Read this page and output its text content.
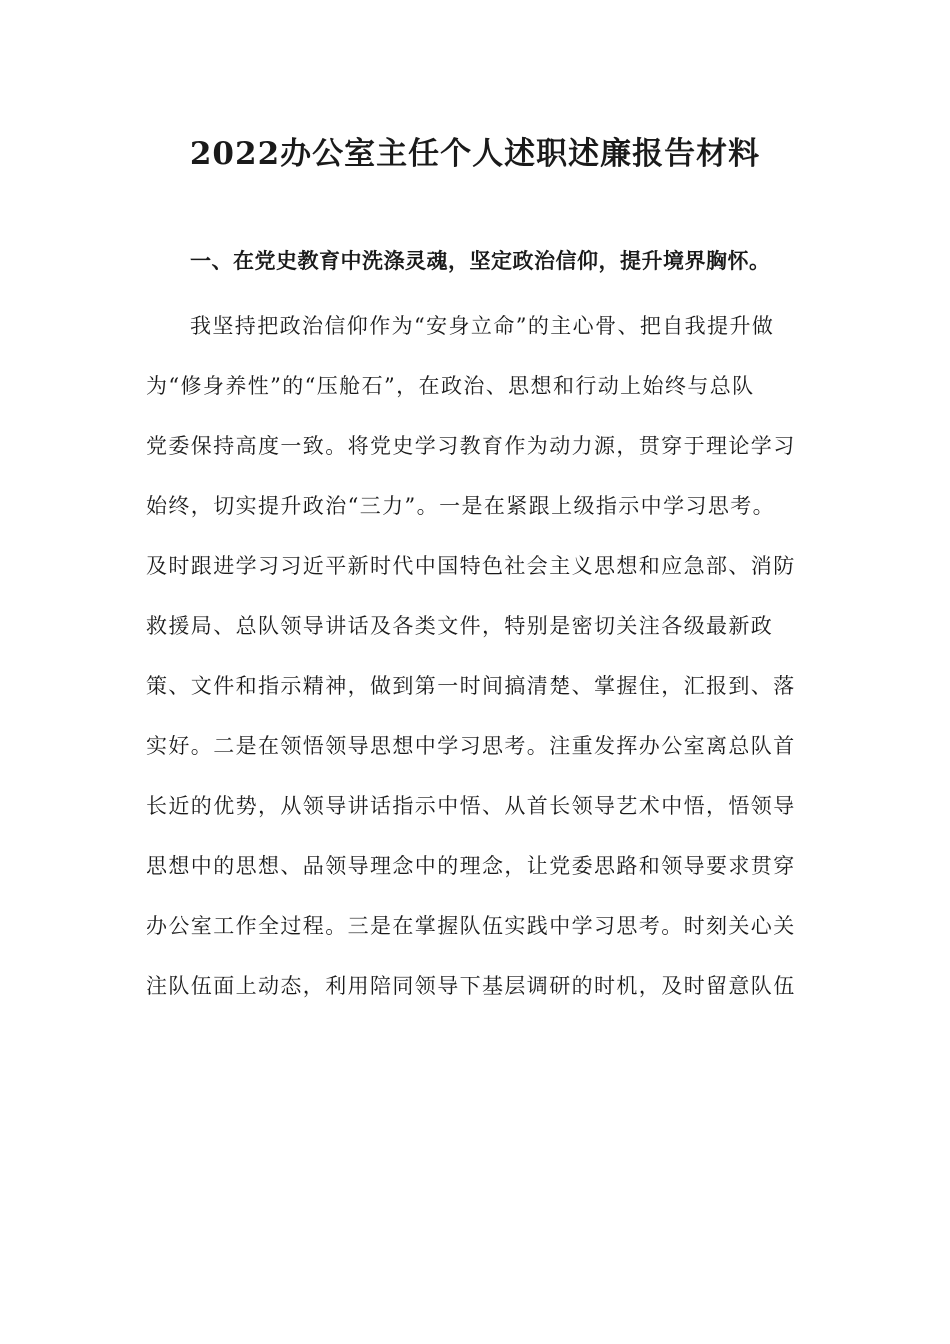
2022办公室主任个人述职述廉报告材料
一、在党史教育中洗涤灵魂，坚定政治信仰，提升境界胸怀。
我坚持把政治信仰作为“安身立命”的主心骨、把自我提升做
为“修身养性”的“压舱石”，在政治、思想和行动上始终与总队
党委保持高度一致。将党史学习教育作为动力源，贯穿于理论学习
始终，切实提升政治“三力”。一是在紧跟上级指示中学习思考。
及时跟进学习习近平新时代中国特色社会主义思想和应急部、消防
救援局、总队领导讲话及各类文件，特别是密切关注各级最新政
策、文件和指示精神，做到第一时间搞清楚、掌握住，汇报到、落
实好。二是在领悟领导思想中学习思考。注重发挥办公室离总队首
长近的优势，从领导讲话指示中悟、从首长领导艺术中悟，悟领导
思想中的思想、品领导理念中的理念，让党委思路和领导要求贯穿
办公室工作全过程。三是在掌握队伍实践中学习思考。时刻关心关
注队伍面上动态，利用陪同领导下基层调研的时机，及时留意队伍
